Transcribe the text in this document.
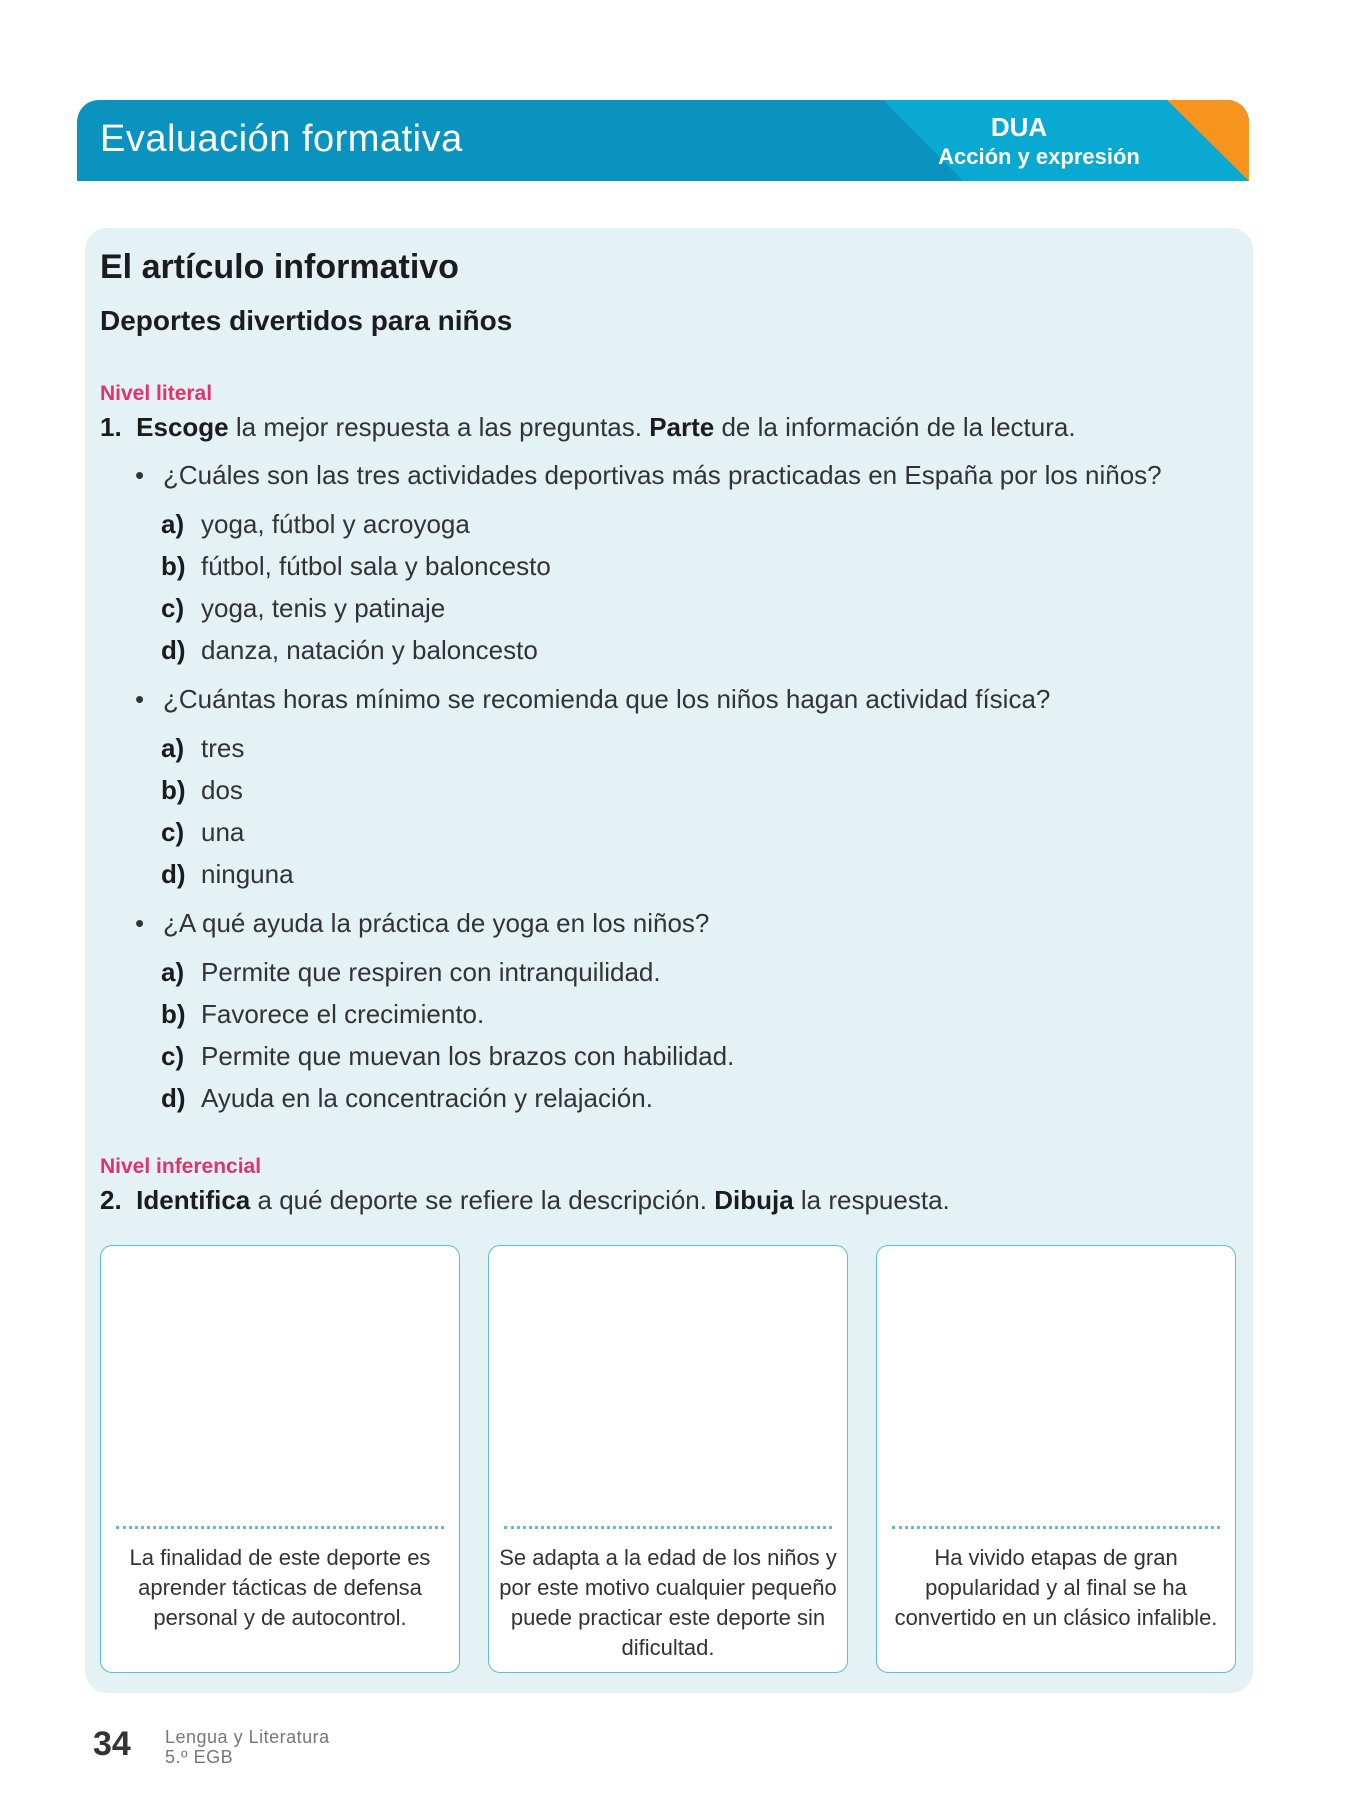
Evaluación formativa	DUA
Acción y expresión
El artículo informativo
Deportes divertidos para niños
Nivel literal
1. Escoge la mejor respuesta a las preguntas. Parte de la información de la lectura.
• ¿Cuáles son las tres actividades deportivas más practicadas en España por los niños?
a) yoga, fútbol y acroyoga
b) fútbol, fútbol sala y baloncesto
c) yoga, tenis y patinaje
d) danza, natación y baloncesto
• ¿Cuántas horas mínimo se recomienda que los niños hagan actividad física?
a) tres
b) dos
c) una
d) ninguna
• ¿A qué ayuda la práctica de yoga en los niños?
a) Permite que respiren con intranquilidad.
b) Favorece el crecimiento.
c) Permite que muevan los brazos con habilidad.
d) Ayuda en la concentración y relajación.
Nivel inferencial
2. Identifica a qué deporte se refiere la descripción. Dibuja la respuesta.
La finalidad de este deporte es aprender tácticas de defensa personal y de autocontrol.
Se adapta a la edad de los niños y por este motivo cualquier pequeño puede practicar este deporte sin dificultad.
Ha vivido etapas de gran popularidad y al final se ha convertido en un clásico infalible.
34 Lengua y Literatura
5.º EGB
